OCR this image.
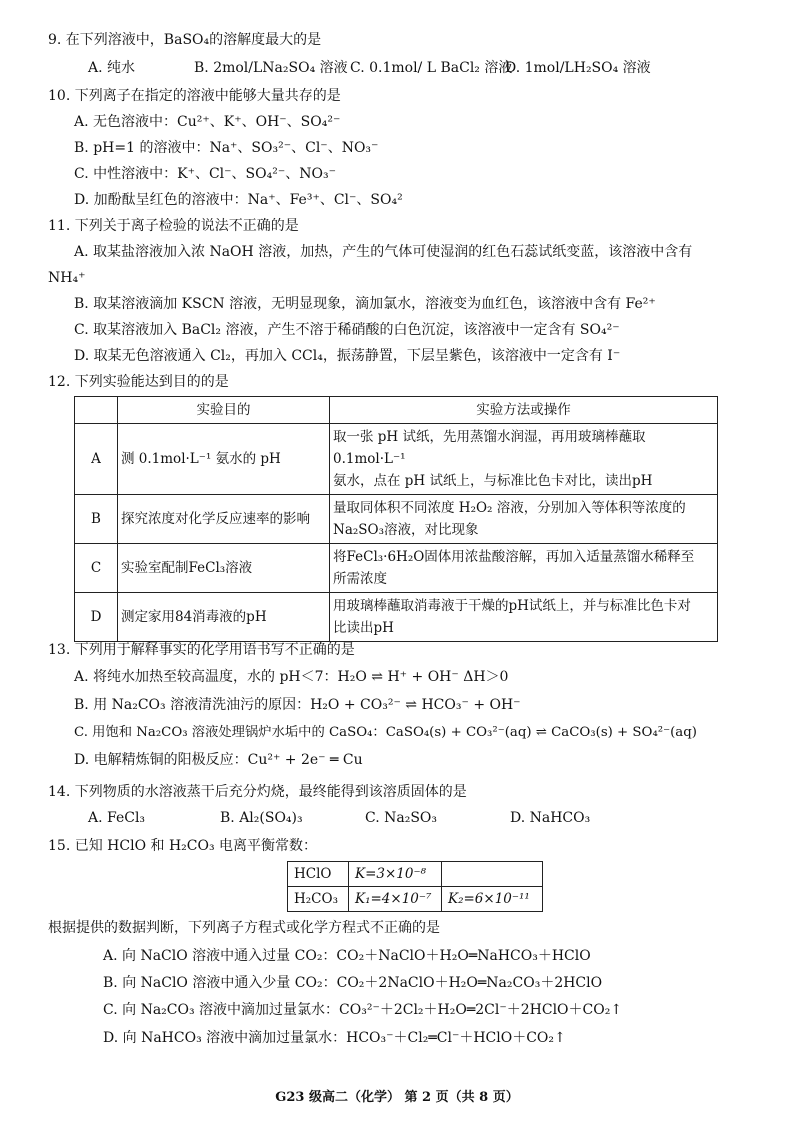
9. 在下列溶液中，BaSO₄的溶解度最大的是
A. 纯水	B. 2mol/LNa₂SO₄ 溶液 C. 0.1mol/ L BaCl₂ 溶液
D. 1mol/LH₂SO₄ 溶液
10. 下列离子在指定的溶液中能够大量共存的是
A. 无色溶液中：Cu²⁺、K⁺、OH⁻、SO₄²⁻
B. pH=1 的溶液中：Na⁺、SO₃²⁻、Cl⁻、NO₃⁻
C. 中性溶液中：K⁺、Cl⁻、SO₄²⁻、NO₃⁻
D. 加酚酞呈红色的溶液中：Na⁺、Fe³⁺、Cl⁻、SO₄²
11. 下列关于离子检验的说法不正确的是
A. 取某盐溶液加入浓 NaOH 溶液，加热，产生的气体可使湿润的红色石蕊试纸变蓝，该溶液中含有
NH₄⁺
B. 取某溶液滴加 KSCN 溶液，无明显现象，滴加氯水，溶液变为血红色，该溶液中含有 Fe²⁺
C. 取某溶液加入 BaCl₂ 溶液，产生不溶于稀硝酸的白色沉淀，该溶液中一定含有 SO₄²⁻
D. 取某无色溶液通入 Cl₂，再加入 CCl₄，振荡静置，下层呈紫色，该溶液中一定含有 I⁻
12. 下列实验能达到目的的是
	实验目的	实验方法或操作
A	测 0.1mol·L⁻¹ 氨水的 pH	取一张 pH 试纸，先用蒸馏水润湿，再用玻璃棒蘸取 0.1mol·L⁻¹
氨水，点在 pH 试纸上，与标准比色卡对比，读出pH

B	探究浓度对化学反应速率的影响	量取同体积不同浓度 H₂O₂ 溶液，分别加入等体积等浓度的
Na₂SO₃溶液，对比现象

C	实验室配制FeCl₃溶液	将FeCl₃·6H₂O固体用浓盐酸溶解，再加入适量蒸馏水稀释至
所需浓度

D	测定家用84消毒液的pH	用玻璃棒蘸取消毒液于干燥的pH试纸上，并与标准比色卡对
比读出pH
13. 下列用于解释事实的化学用语书写不正确的是
A. 将纯水加热至较高温度，水的 pH＜7：H₂O ⇌ H⁺ + OH⁻ ΔH＞0
B. 用 Na₂CO₃ 溶液清洗油污的原因：H₂O + CO₃²⁻ ⇌ HCO₃⁻ + OH⁻
C. 用饱和 Na₂CO₃ 溶液处理锅炉水垢中的 CaSO₄：CaSO₄(s) + CO₃²⁻(aq) ⇌ CaCO₃(s) + SO₄²⁻(aq)
D. 电解精炼铜的阳极反应：Cu²⁺ + 2e⁻ ═ Cu
14. 下列物质的水溶液蒸干后充分灼烧，最终能得到该溶质固体的是
A. FeCl₃	B. Al₂(SO₄)₃	C. Na₂SO₃	D. NaHCO₃
15. 已知 HClO 和 H₂CO₃ 电离平衡常数：
HClO	K=3×10⁻⁸	
H₂CO₃	K₁=4×10⁻⁷	K₂=6×10⁻¹¹
根据提供的数据判断，下列离子方程式或化学方程式不正确的是
A. 向 NaClO 溶液中通入过量 CO₂：CO₂＋NaClO＋H₂O═NaHCO₃＋HClO
B. 向 NaClO 溶液中通入少量 CO₂：CO₂＋2NaClO＋H₂O═Na₂CO₃＋2HClO
C. 向 Na₂CO₃ 溶液中滴加过量氯水：CO₃²⁻＋2Cl₂＋H₂O═2Cl⁻＋2HClO＋CO₂↑
D. 向 NaHCO₃ 溶液中滴加过量氯水：HCO₃⁻＋Cl₂═Cl⁻＋HClO＋CO₂↑
G23 级高二（化学） 第 2 页（共 8 页）
